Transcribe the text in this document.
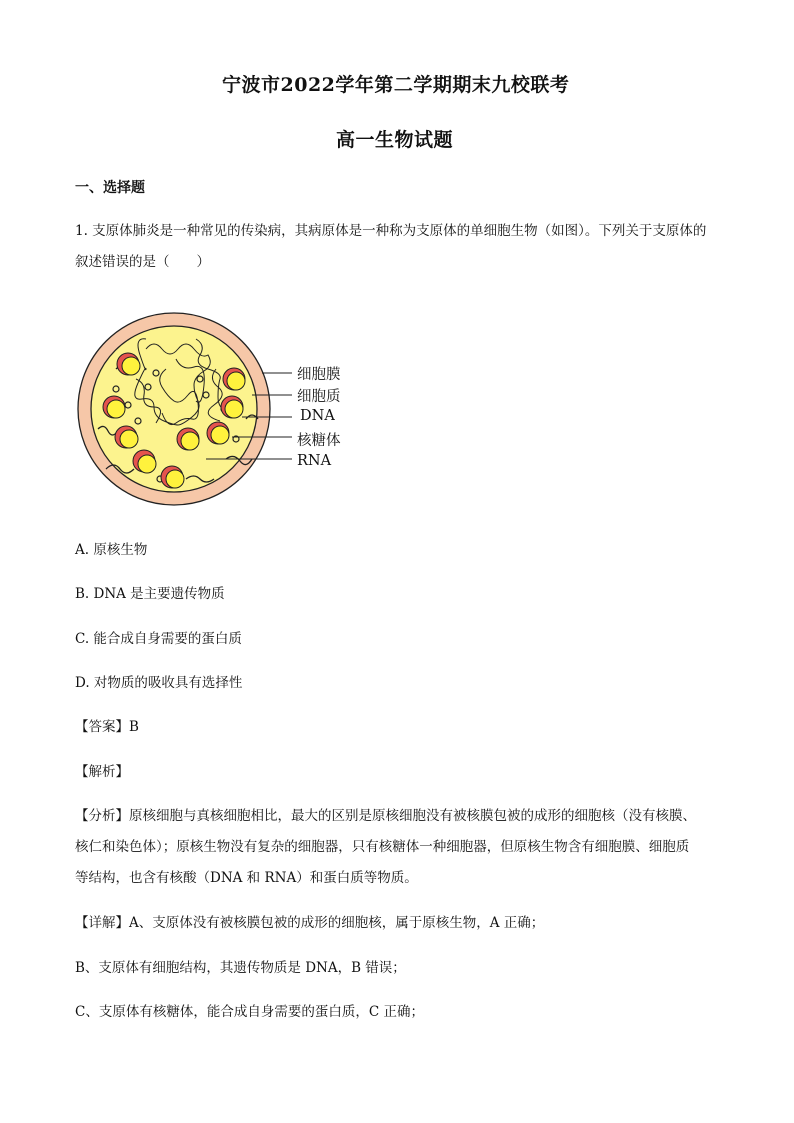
宁波市2022学年第二学期期末九校联考
高一生物试题
一、选择题
1. 支原体肺炎是一种常见的传染病，其病原体是一种称为支原体的单细胞生物（如图）。下列关于支原体的
叙述错误的是（　　）
细胞膜
细胞质
DNA
核糖体
RNA
A. 原核生物
B. DNA 是主要遗传物质
C. 能合成自身需要的蛋白质
D. 对物质的吸收具有选择性
【答案】B
【解析】
【分析】原核细胞与真核细胞相比，最大的区别是原核细胞没有被核膜包被的成形的细胞核（没有核膜、
核仁和染色体）；原核生物没有复杂的细胞器，只有核糖体一种细胞器，但原核生物含有细胞膜、细胞质
等结构，也含有核酸（DNA 和 RNA）和蛋白质等物质。
【详解】A、支原体没有被核膜包被的成形的细胞核，属于原核生物，A 正确；
B、支原体有细胞结构，其遗传物质是 DNA，B 错误；
C、支原体有核糖体，能合成自身需要的蛋白质，C 正确；
